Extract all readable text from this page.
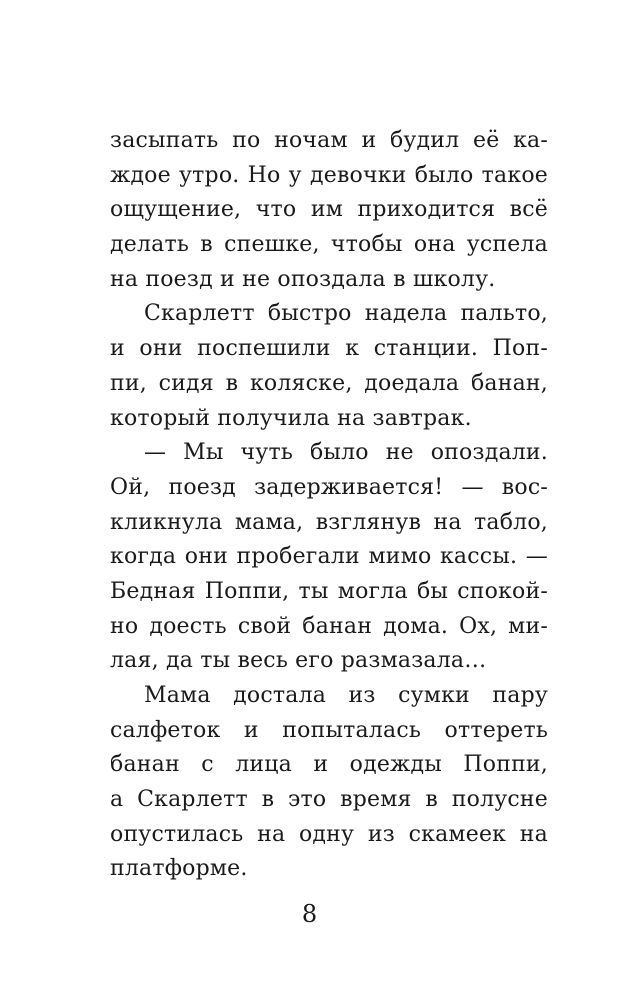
засыпать по ночам и будил её ка-
ждое утро. Но у девочки было такое
ощущение, что им приходится всё
делать в спешке, чтобы она успела
на поезд и не опоздала в школу.
Скарлетт быстро надела пальто,
и они поспешили к станции. Поп-
пи, сидя в коляске, доедала банан,
который получила на завтрак.
— Мы чуть было не опоздали.
Ой, поезд задерживается! — вос-
кликнула мама, взглянув на табло,
когда они пробегали мимо кассы. —
Бедная Поппи, ты могла бы спокой-
но доесть свой банан дома. Ох, ми-
лая, да ты весь его размазала…
Мама достала из сумки пару
салфеток и попыталась оттереть
банан с лица и одежды Поппи,
а Скарлетт в это время в полусне
опустилась на одну из скамеек на
платформе.
8
